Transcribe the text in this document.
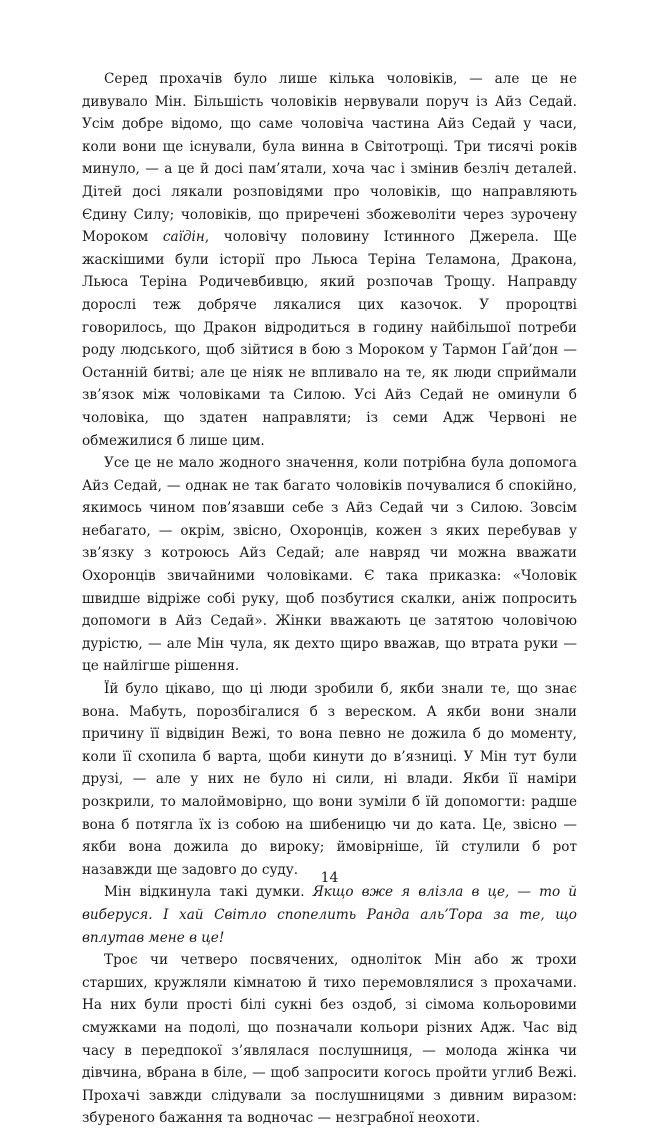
Серед прохачів було лише кілька чоловіків, — але це не дивувало Мін. Більшість чоловіків нервували поруч із Айз Седай. Усім добре відомо, що саме чоловіча частина Айз Седай у часи, коли вони ще існували, була винна в Світотрощі. Три тисячі років минуло, — а це й досі пам’ятали, хоча час і змінив безліч деталей. Дітей досі лякали розповідями про чоловіків, що направляють Єдину Силу; чоловіків, що приречені збожеволіти через зурочену Мороком саїдін, чоловічу половину Істинного Джерела. Ще жаскішими були історії про Льюса Теріна Теламона, Дракона, Льюса Теріна Родичевбивцю, який розпочав Трощу. Направду дорослі теж добряче лякалися цих казочок. У пророцтві говорилось, що Дракон відродиться в годину найбільшої потреби роду людського, щоб зійтися в бою з Мороком у Тармон Ґай’дон — Останній битві; але це ніяк не впливало на те, як люди сприймали зв’язок між чоловіками та Силою. Усі Айз Седай не оминули б чоловіка, що здатен направляти; із семи Адж Червоні не обмежилися б лише цим.

Усе це не мало жодного значення, коли потрібна була допомога Айз Седай, — однак не так багато чоловіків почувалися б спокійно, якимось чином пов’язавши себе з Айз Седай чи з Силою. Зовсім небагато, — окрім, звісно, Охоронців, кожен з яких перебував у зв’язку з котроюсь Айз Седай; але навряд чи можна вважати Охоронців звичайними чоловіками. Є така приказка: «Чоловік швидше відріже собі руку, щоб позбутися скалки, аніж попросить допомоги в Айз Седай». Жінки вважають це затятою чоловічою дурістю, — але Мін чула, як дехто щиро вважав, що втрата руки — це найлігше рішення.

Їй було цікаво, що ці люди зробили б, якби знали те, що знає вона. Мабуть, порозбігалися б з вереском. А якби вони знали причину її відвідин Вежі, то вона певно не дожила б до моменту, коли її схопила б варта, щоби кинути до в’язниці. У Мін тут були друзі, — але у них не було ні сили, ні влади. Якби її наміри розкрили, то малоймовірно, що вони зуміли б їй допомогти: радше вона б потягла їх із собою на шибеницю чи до ката. Це, звісно — якби вона дожила до вироку; ймовірніше, їй стулили б рот назавжди ще задовго до суду.

Мін відкинула такі думки. Якщо вже я влізла в це, — то й виберуся. І хай Світло спопелить Ранда аль’Тора за те, що вплутав мене в це!

Троє чи четверо посвячених, одноліток Мін або ж трохи старших, кружляли кімнатою й тихо перемовлялися з прохачами. На них були прості білі сукні без оздоб, зі сімома кольоровими смужками на подолі, що позначали кольори різних Адж. Час від часу в передпокої з’являлася послушниця, — молода жінка чи дівчина, вбрана в біле, — щоб запросити когось пройти углиб Вежі. Прохачі завжди слідували за послушницями з дивним виразом: збуреного бажання та водночас — незграбної неохоти.

14
